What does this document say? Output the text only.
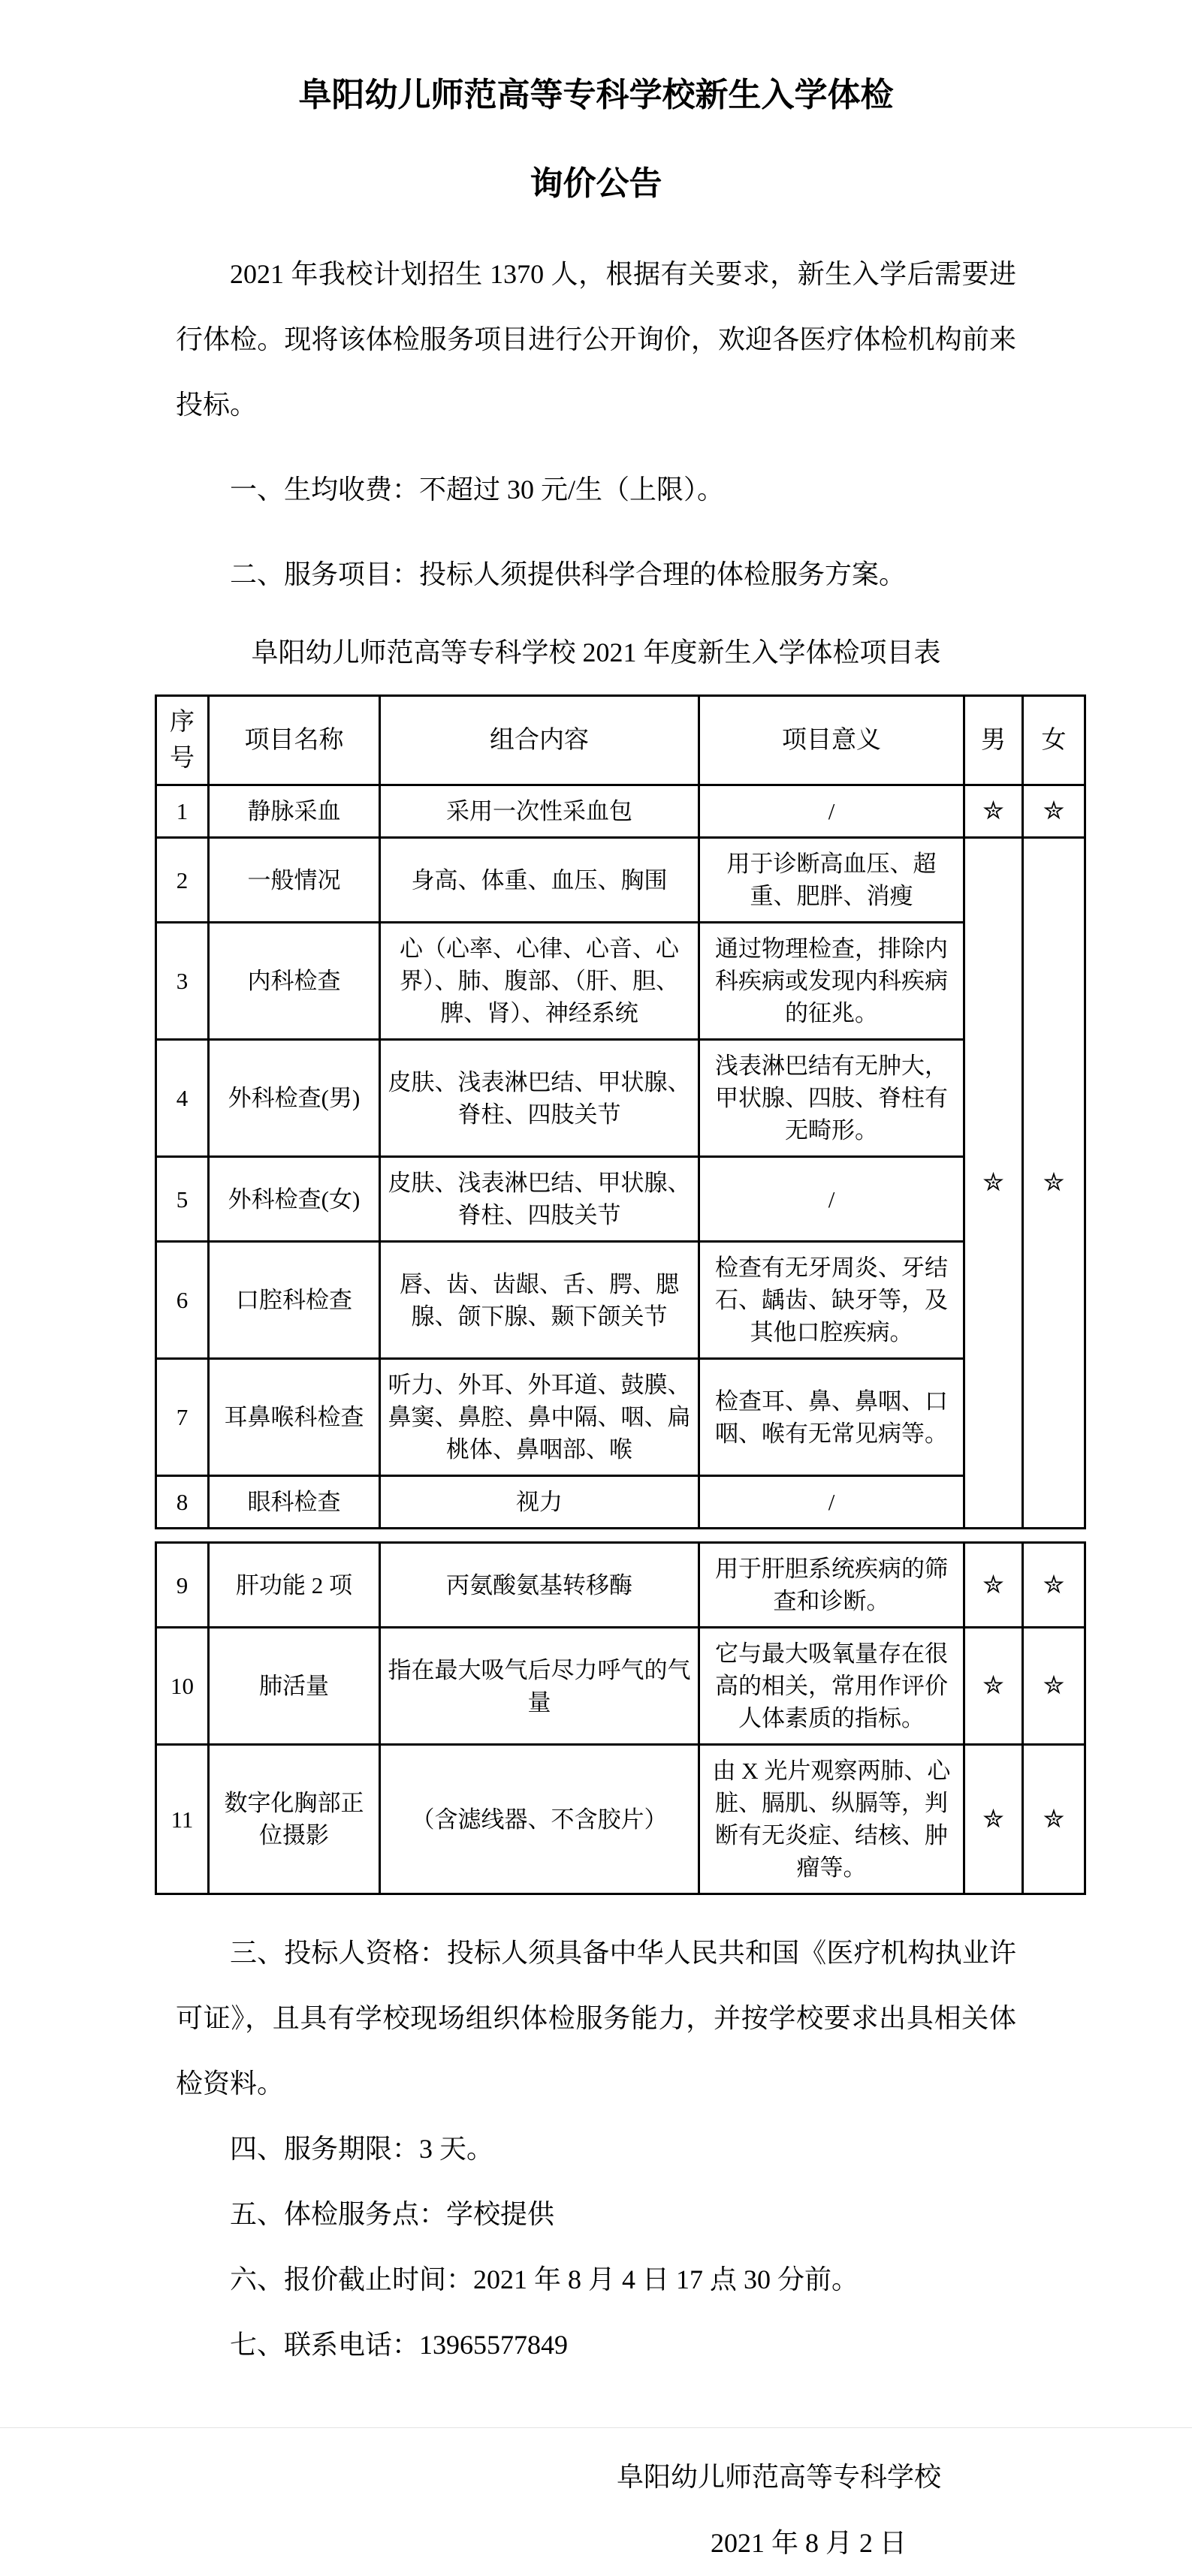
阜阳幼儿师范高等专科学校新生入学体检
询价公告

2021 年我校计划招生 1370 人，根据有关要求，新生入学后需要进行体检。现将该体检服务项目进行公开询价，欢迎各医疗体检机构前来投标。

一、生均收费：不超过 30 元/生（上限）。

二、服务项目：投标人须提供科学合理的体检服务方案。

阜阳幼儿师范高等专科学校 2021 年度新生入学体检项目表
序号	项目名称	组合内容	项目意义	男	女
1	静脉采血	采用一次性采血包	/	✮	✮
2	一般情况	身高、体重、血压、胸围	用于诊断高血压、超重、肥胖、消瘦	✮	✮
3	内科检查	心（心率、心律、心音、心界）、肺、腹部、（肝、胆、脾、肾）、神经系统	通过物理检查，排除内科疾病或发现内科疾病的征兆。		
4	外科检查(男)	皮肤、浅表淋巴结、甲状腺、脊柱、四肢关节	浅表淋巴结有无肿大，甲状腺、四肢、脊柱有无畸形。		
5	外科检查(女)	皮肤、浅表淋巴结、甲状腺、脊柱、四肢关节	/		
6	口腔科检查	唇、齿、齿龈、舌、腭、腮腺、颌下腺、颞下颌关节	检查有无牙周炎、牙结石、龋齿、缺牙等，及其他口腔疾病。		
7	耳鼻喉科检查	听力、外耳、外耳道、鼓膜、鼻窦、鼻腔、鼻中隔、咽、扁桃体、鼻咽部、喉	检查耳、鼻、鼻咽、口咽、喉有无常见病等。		
8	眼科检查	视力	/		
9	肝功能 2 项	丙氨酸氨基转移酶	用于肝胆系统疾病的筛查和诊断。	✮	✮
10	肺活量	指在最大吸气后尽力呼气的气量	它与最大吸氧量存在很高的相关，常用作评价人体素质的指标。	✮	✮
11	数字化胸部正位摄影	（含滤线器、不含胶片）	由 X 光片观察两肺、心脏、膈肌、纵膈等，判断有无炎症、结核、肿瘤等。	✮	✮

三、投标人资格：投标人须具备中华人民共和国《医疗机构执业许可证》，且具有学校现场组织体检服务能力，并按学校要求出具相关体检资料。

四、服务期限：3 天。

五、体检服务点：学校提供

六、报价截止时间：2021 年 8 月 4 日 17 点 30 分前。

七、联系电话：13965577849

阜阳幼儿师范高等专科学校
2021 年 8 月 2 日
